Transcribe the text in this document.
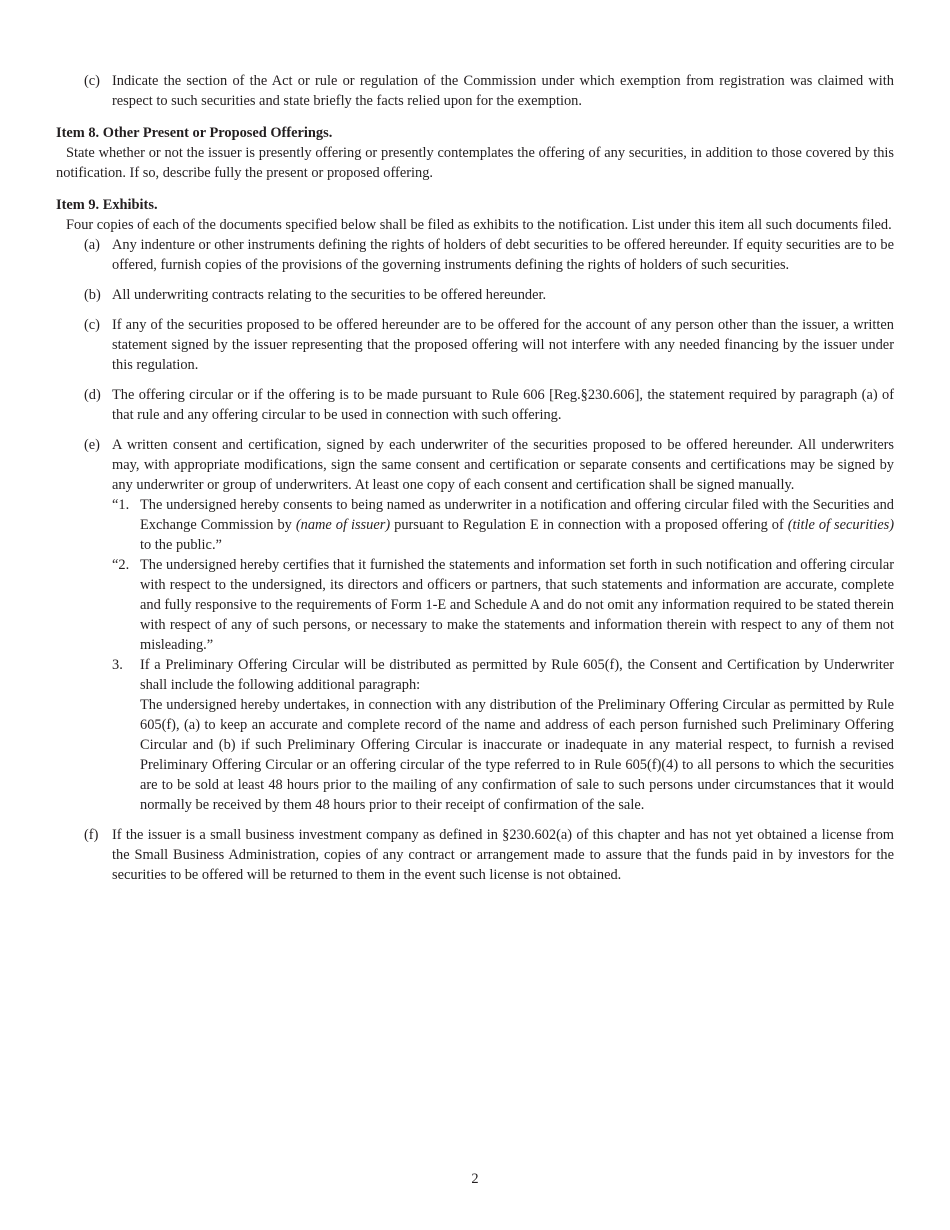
(c) Indicate the section of the Act or rule or regulation of the Commission under which exemption from registration was claimed with respect to such securities and state briefly the facts relied upon for the exemption.

Item 8. Other Present or Proposed Offerings.

State whether or not the issuer is presently offering or presently contemplates the offering of any securities, in addition to those covered by this notification. If so, describe fully the present or proposed offering.

Item 9. Exhibits.

Four copies of each of the documents specified below shall be filed as exhibits to the notification. List under this item all such documents filed.

(a) Any indenture or other instruments defining the rights of holders of debt securities to be offered hereunder. If equity securities are to be offered, furnish copies of the provisions of the governing instruments defining the rights of holders of such securities.
(b) All underwriting contracts relating to the securities to be offered hereunder.
(c) If any of the securities proposed to be offered hereunder are to be offered for the account of any person other than the issuer, a written statement signed by the issuer representing that the proposed offering will not interfere with any needed financing by the issuer under this regulation.
(d) The offering circular or if the offering is to be made pursuant to Rule 606 [Reg.§230.606], the statement required by paragraph (a) of that rule and any offering circular to be used in connection with such offering.
(e) A written consent and certification, signed by each underwriter of the securities proposed to be offered hereunder. All underwriters may, with appropriate modifications, sign the same consent and certification or separate consents and certifications may be signed by any underwriter or group of underwriters. At least one copy of each consent and certification shall be signed manually.

“1. The undersigned hereby consents to being named as underwriter in a notification and offering circular filed with the Securities and Exchange Commission by (name of issuer) pursuant to Regulation E in connection with a proposed offering of (title of securities) to the public.”
“2. The undersigned hereby certifies that it furnished the statements and information set forth in such notification and offering circular with respect to the undersigned, its directors and officers or partners, that such statements and information are accurate, complete and fully responsive to the requirements of Form 1-E and Schedule A and do not omit any information required to be stated therein with respect of any of such persons, or necessary to make the statements and information therein with respect to any of them not misleading.”
3. If a Preliminary Offering Circular will be distributed as permitted by Rule 605(f), the Consent and Certification by Underwriter shall include the following additional paragraph:

The undersigned hereby undertakes, in connection with any distribution of the Preliminary Offering Circular as permitted by Rule 605(f), (a) to keep an accurate and complete record of the name and address of each person furnished such Preliminary Offering Circular and (b) if such Preliminary Offering Circular is inaccurate or inadequate in any material respect, to furnish a revised Preliminary Offering Circular or an offering circular of the type referred to in Rule 605(f)(4) to all persons to which the securities are to be sold at least 48 hours prior to the mailing of any confirmation of sale to such persons under circumstances that it would normally be received by them 48 hours prior to their receipt of confirmation of the sale.

(f) If the issuer is a small business investment company as defined in §230.602(a) of this chapter and has not yet obtained a license from the Small Business Administration, copies of any contract or arrangement made to assure that the funds paid in by investors for the securities to be offered will be returned to them in the event such license is not obtained.
2
